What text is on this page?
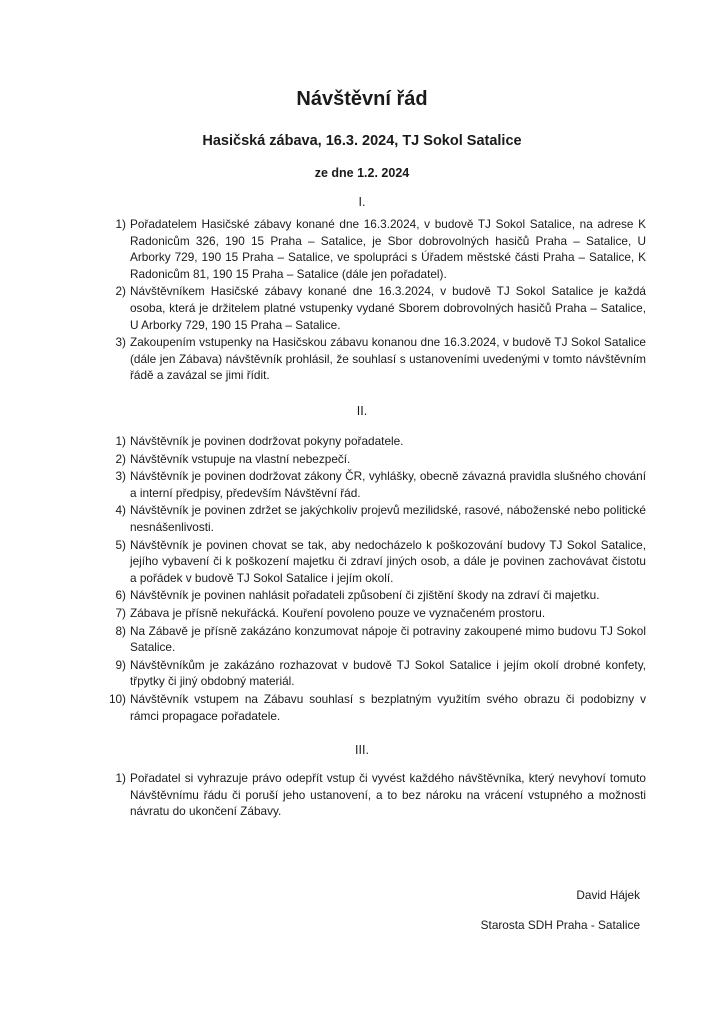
Návštěvní řád

Hasičská zábava, 16.3. 2024, TJ Sokol Satalice

ze dne 1.2. 2024

I.

1) Pořadatelem Hasičské zábavy konané dne 16.3.2024, v budově TJ Sokol Satalice, na adrese K Radonicům 326, 190 15 Praha – Satalice, je Sbor dobrovolných hasičů Praha – Satalice, U Arborky 729, 190 15 Praha – Satalice, ve spolupráci s Úřadem městské části Praha – Satalice, K Radonicům 81, 190 15 Praha – Satalice (dále jen pořadatel).
2) Návštěvníkem Hasičské zábavy konané dne 16.3.2024, v budově TJ Sokol Satalice je každá osoba, která je držitelem platné vstupenky vydané Sborem dobrovolných hasičů Praha – Satalice, U Arborky 729, 190 15 Praha – Satalice.
3) Zakoupením vstupenky na Hasičskou zábavu konanou dne 16.3.2024, v budově TJ Sokol Satalice (dále jen Zábava) návštěvník prohlásil, že souhlasí s ustanoveními uvedenými v tomto návštěvním řádě a zavázal se jimi řídit.

II.

1) Návštěvník je povinen dodržovat pokyny pořadatele.
2) Návštěvník vstupuje na vlastní nebezpečí.
3) Návštěvník je povinen dodržovat zákony ČR, vyhlášky, obecně závazná pravidla slušného chování a interní předpisy, především Návštěvní řád.
4) Návštěvník je povinen zdržet se jakýchkoliv projevů mezilidské, rasové, náboženské nebo politické nesnášenlivosti.
5) Návštěvník je povinen chovat se tak, aby nedocházelo k poškozování budovy TJ Sokol Satalice, jejího vybavení či k poškození majetku či zdraví jiných osob, a dále je povinen zachovávat čistotu a pořádek v budově TJ Sokol Satalice i jejím okolí.
6) Návštěvník je povinen nahlásit pořadateli způsobení či zjištění škody na zdraví či majetku.
7) Zábava je přísně nekuřácká. Kouření povoleno pouze ve vyznačeném prostoru.
8) Na Zábavě je přísně zakázáno konzumovat nápoje či potraviny zakoupené mimo budovu TJ Sokol Satalice.
9) Návštěvníkům je zakázáno rozhazovat v budově TJ Sokol Satalice i jejím okolí drobné konfety, třpytky či jiný obdobný materiál.
10) Návštěvník vstupem na Zábavu souhlasí s bezplatným využitím svého obrazu či podobizny v rámci propagace pořadatele.

III.

1) Pořadatel si vyhrazuje právo odepřít vstup či vyvést každého návštěvníka, který nevyhoví tomuto Návštěvnímu řádu či poruší jeho ustanovení, a to bez nároku na vrácení vstupného a možnosti návratu do ukončení Zábavy.

David Hájek

Starosta SDH Praha - Satalice
